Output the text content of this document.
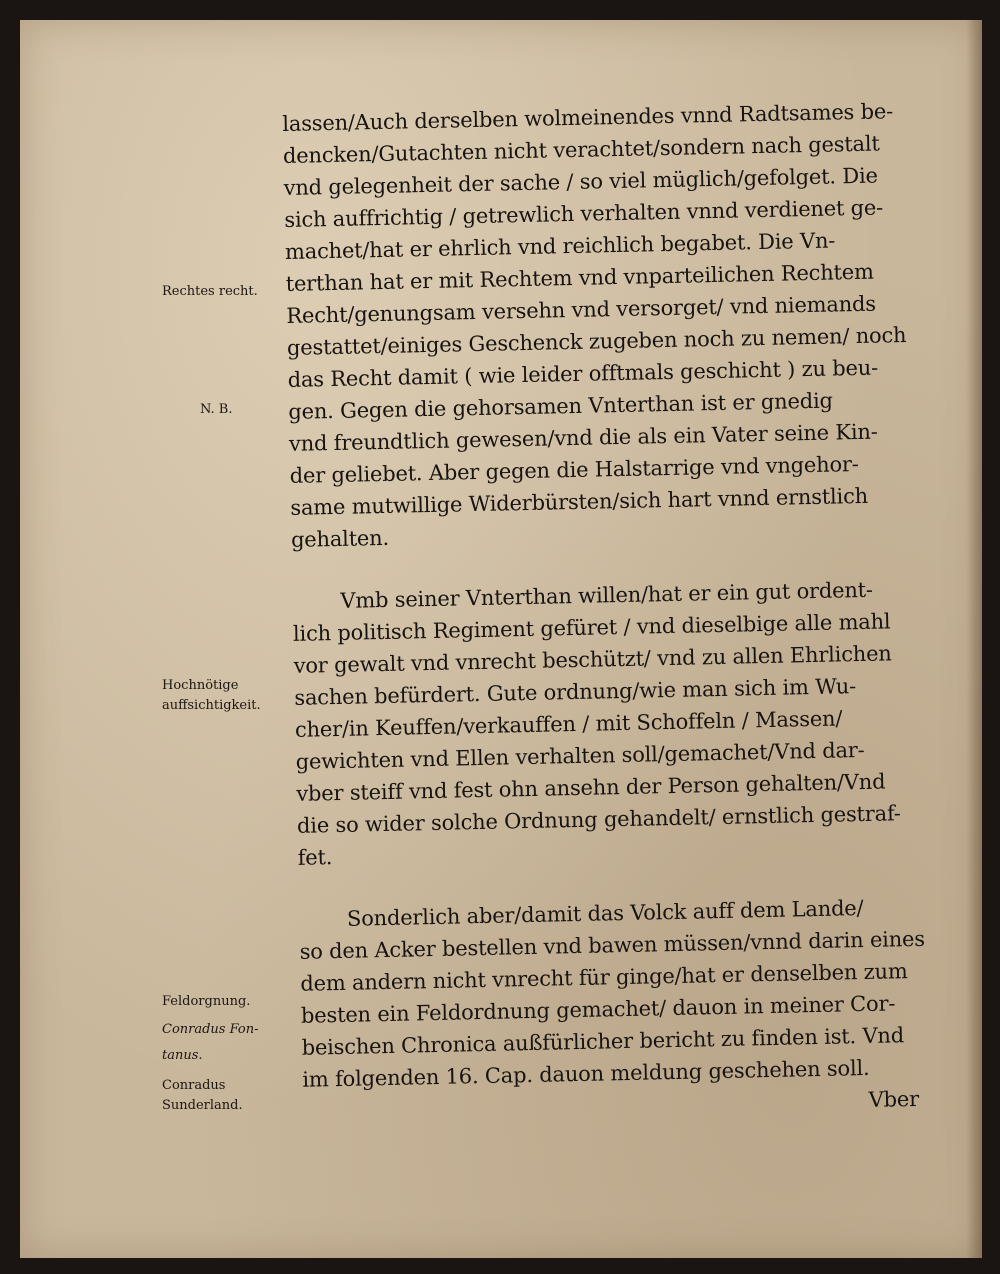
lassen/Auch derselben wolmeinendes vnnd Radtsames be-
dencken/Gutachten nicht verachtet/sondern nach gestalt
vnd gelegenheit der sache / so viel müglich/gefolget. Die
sich auffrichtig / getrewlich verhalten vnnd verdienet ge-
machet/hat er ehrlich vnd reichlich begabet. Die Vn-
terthan hat er mit Rechtem vnd vnparteilichen Rechtem
Recht/genungsam versehn vnd versorget/ vnd niemands
gestattet/einiges Geschenck zugeben noch zu nemen/ noch
das Recht damit ( wie leider offtmals geschicht ) zu beu-
gen. Gegen die gehorsamen Vnterthan ist er gnedig
vnd freundtlich gewesen/vnd die als ein Vater seine Kin-
der geliebet. Aber gegen die Halstarrige vnd vngehor-
same mutwillige Widerbürsten/sich hart vnnd ernstlich
gehalten.
Vmb seiner Vnterthan willen/hat er ein gut ordent-
lich politisch Regiment gefüret / vnd dieselbige alle mahl
vor gewalt vnd vnrecht beschützt/ vnd zu allen Ehrlichen
sachen befürdert. Gute ordnung/wie man sich im Wu-
cher/in Keuffen/verkauffen / mit Schoffeln / Massen/
gewichten vnd Ellen verhalten soll/gemachet/Vnd dar-
vber steiff vnd fest ohn ansehn der Person gehalten/Vnd
die so wider solche Ordnung gehandelt/ ernstlich gestraf-
fet.
Sonderlich aber/damit das Volck auff dem Lande/
so den Acker bestellen vnd bawen müssen/vnnd darin eines
dem andern nicht vnrecht für ginge/hat er denselben zum
besten ein Feldordnung gemachet/ dauon in meiner Cor-
beischen Chronica außfürlicher bericht zu finden ist. Vnd
im folgenden 16. Cap. dauon meldung geschehen soll.
Vber
Rechtes recht.
N. B.
Hochnötige
auffsichtigkeit.
Feldorgnung.
Conradus Fon-
tanus.
Conradus
Sunderland.
